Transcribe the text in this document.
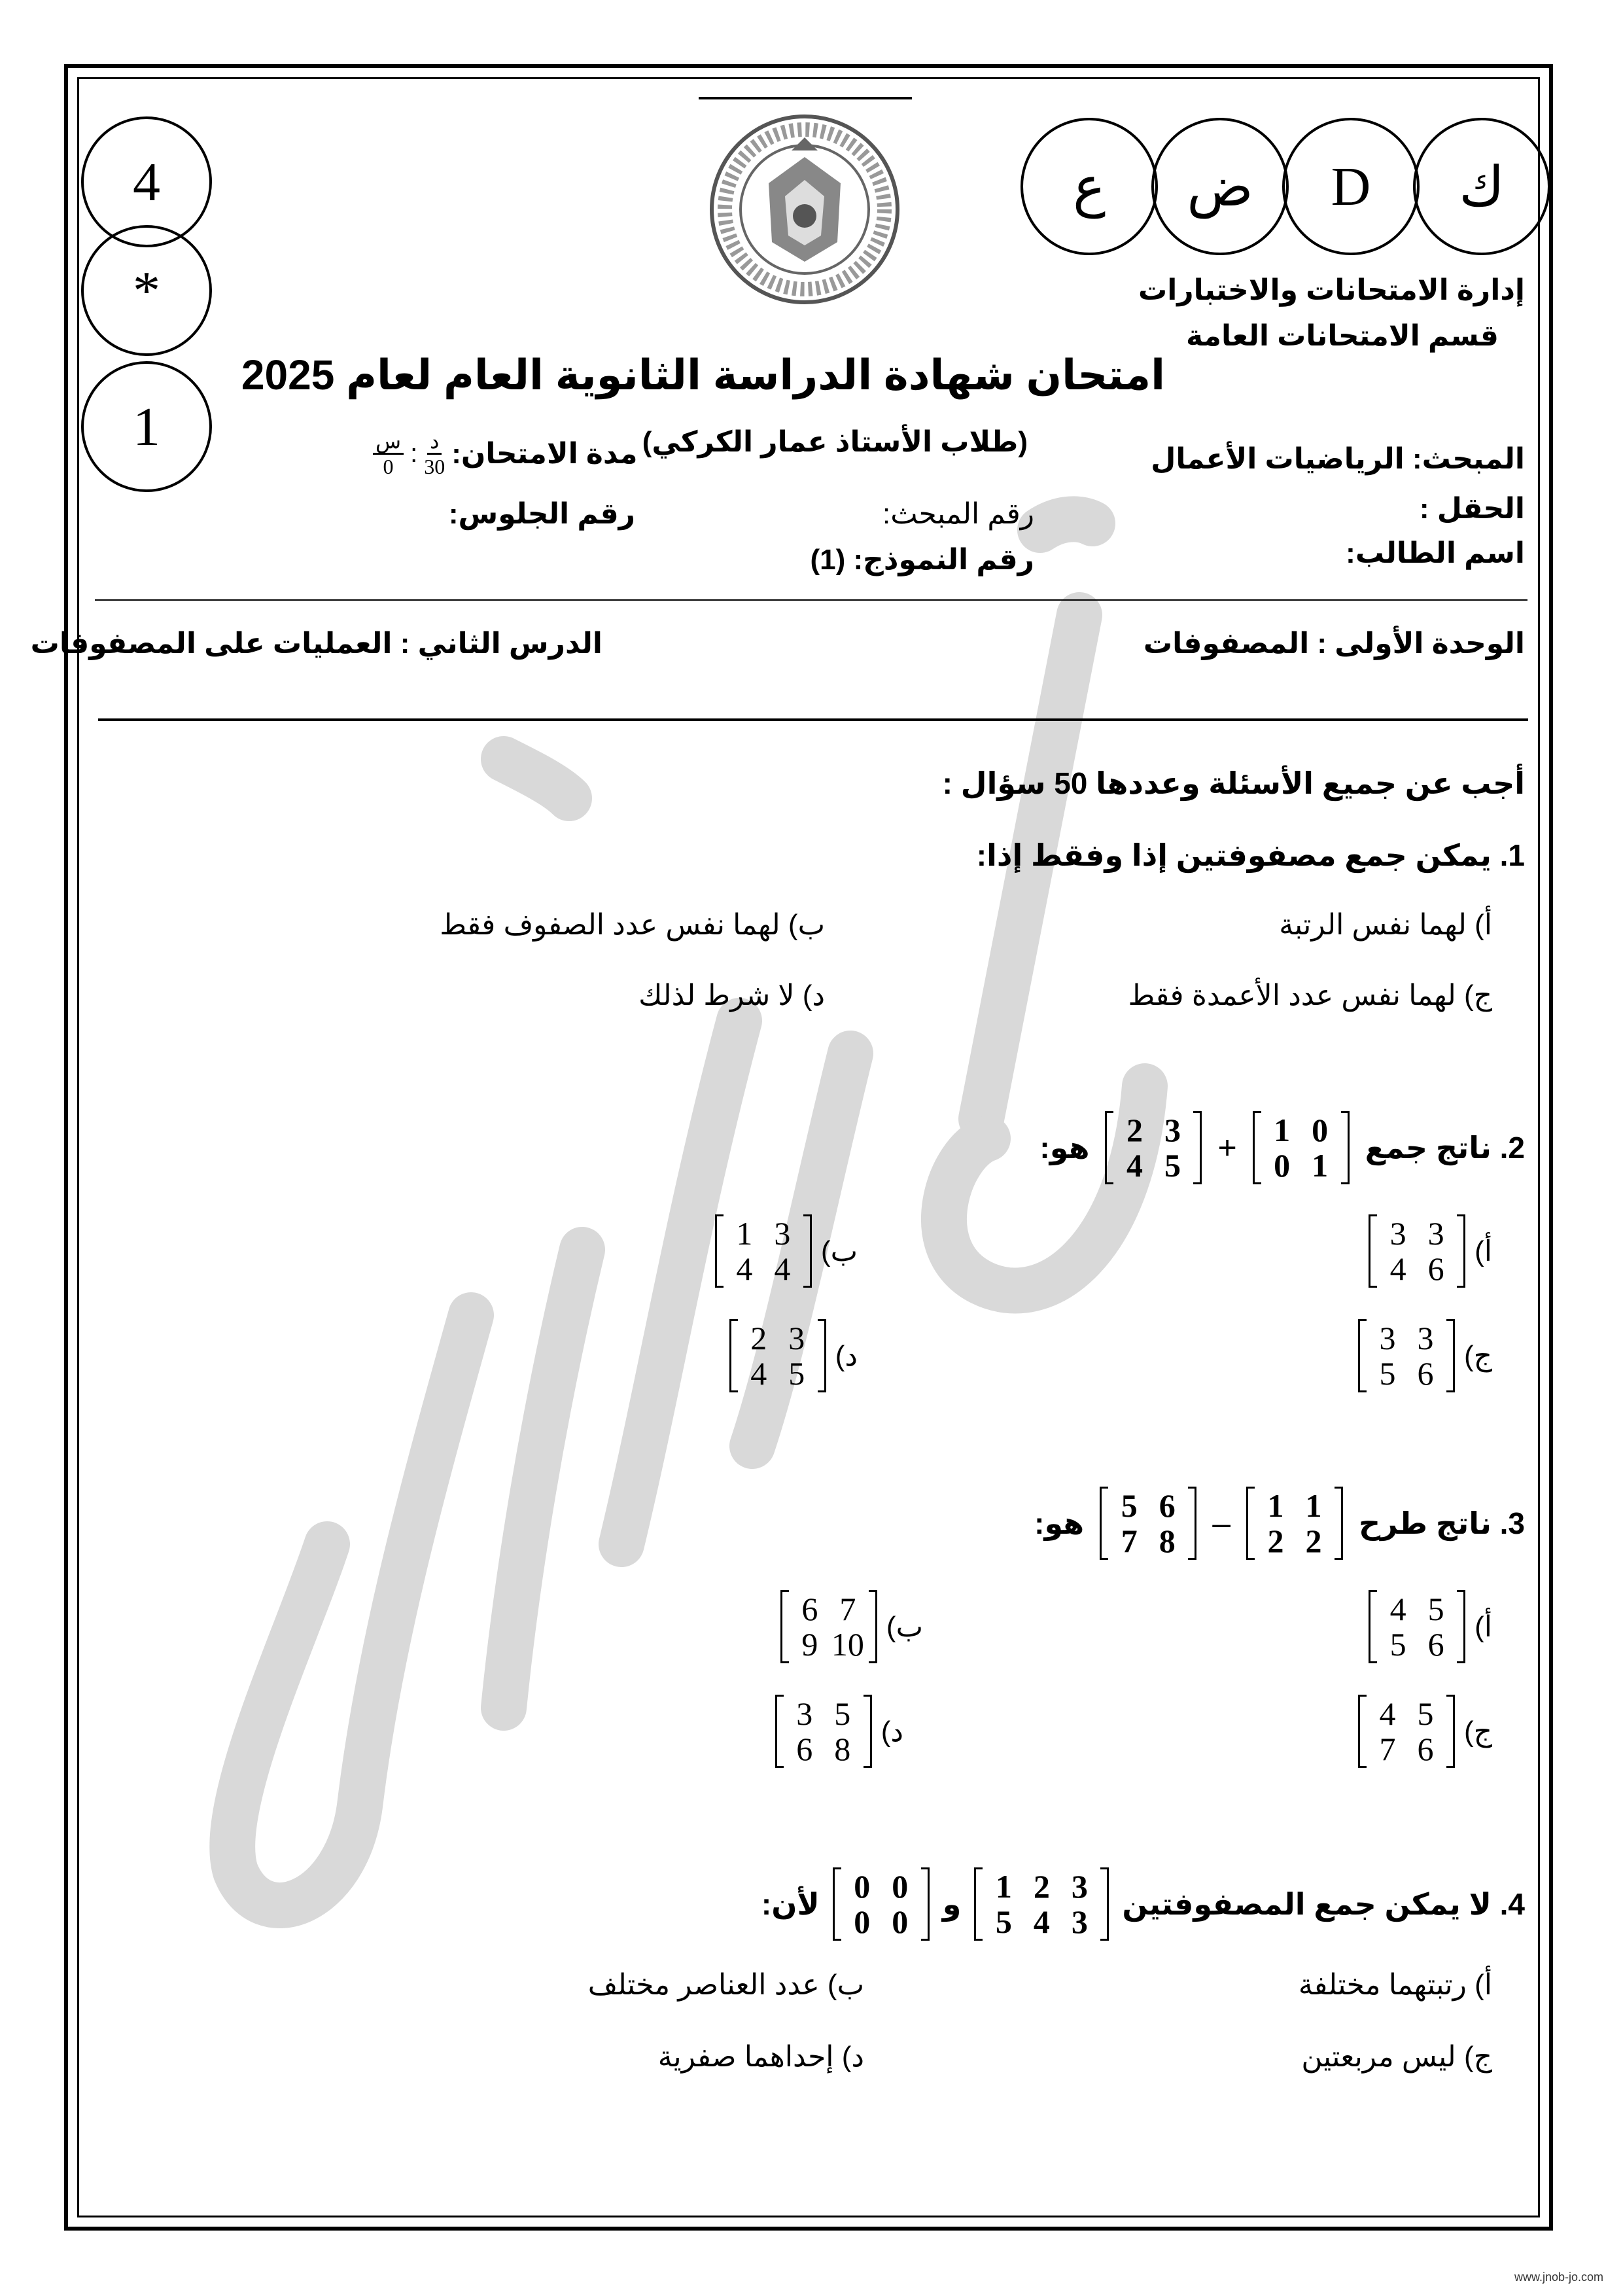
4
*
1
ك
D
ض
ع
إدارة الامتحانات والاختبارات
قسم الامتحانات العامة
امتحان شهادة الدراسة الثانوية العام لعام 2025
(طلاب الأستاذ عمار الكركي)
المبحث: الرياضيات الأعمال
الحقل :
اسم الطالب:
رقم المبحث:
رقم النموذج: (1)
$\frac{\text{س}}{0}$ : $\frac{\text{د}}{30}$ مدة الامتحان:
رقم الجلوس:
الوحدة الأولى : المصفوفات
الدرس الثاني : العمليات على المصفوفات
أجب عن جميع الأسئلة وعددها 50 سؤال :
1. يمكن جمع مصفوفتين إذا وفقط إذا:
أ) لهما نفس الرتبة
ب) لهما نفس عدد الصفوف فقط
ج) لهما نفس عدد الأعمدة فقط
د) لا شرط لذلك
2. ناتج جمع
1 0
0 1
+
2 3
4 5
هو:
أ)
3 3
4 6
ب)
1 3
4 4
ج)
3 3
5 6
د)
2 3
4 5
3. ناتج طرح
1 1
2 2
–
5 6
7 8
هو:
أ)
4 5
5 6
ب)
6 7
9 10
ج)
4 5
7 6
د)
3 5
6 8
4. لا يمكن جمع المصفوفتين
1 2 3
5 4 3
و
0 0
0 0
لأن:
أ) رتبتهما مختلفة
ب) عدد العناصر مختلف
ج) ليس مربعتين
د) إحداهما صفرية
www.jnob-jo.com
